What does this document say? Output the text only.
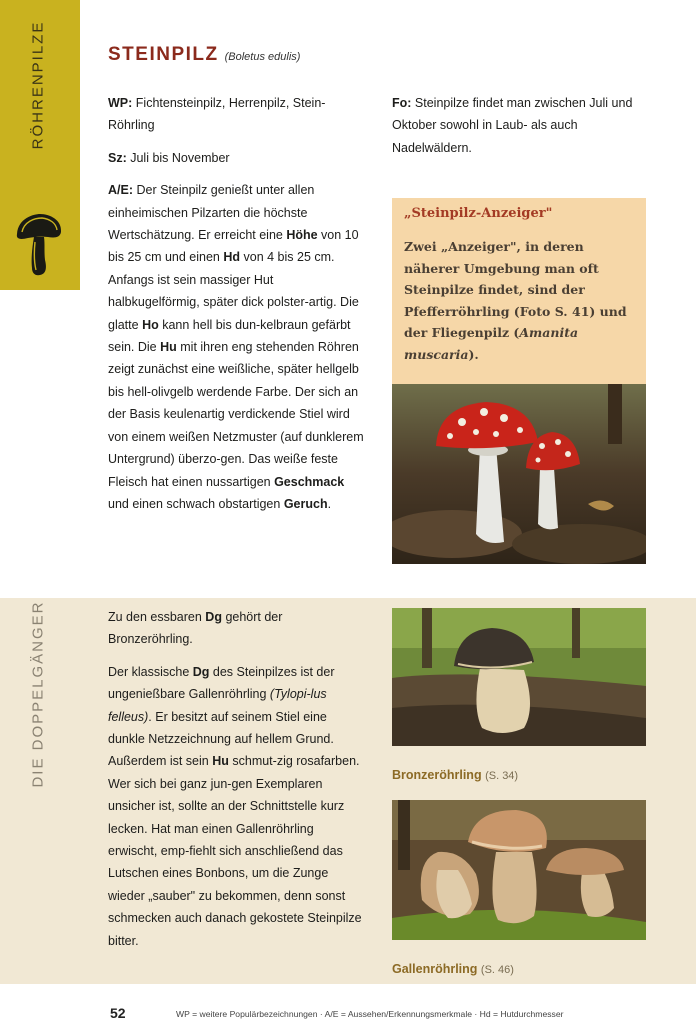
RÖHRENPILZE
DIE DOPPELGÄNGER
STEINPILZ (Boletus edulis)

WP: Fichtensteinpilz, Herrenpilz, Stein-Röhrling

Sz: Juli bis November

A/E: Der Steinpilz genießt unter allen einheimischen Pilzarten die höchste Wertschätzung. Er erreicht eine Höhe von 10 bis 25 cm und einen Hd von 4 bis 25 cm. Anfangs ist sein massiger Hut halbkugelförmig, später dick polster-artig. Die glatte Ho kann hell bis dun-kelbraun gefärbt sein. Die Hu mit ihren eng stehenden Röhren zeigt zunächst eine weißliche, später hellgelb bis hell-olivgelb werdende Farbe. Der sich an der Basis keulenartig verdickende Stiel wird von einem weißen Netzmuster (auf dunklerem Untergrund) überzo-gen. Das weiße feste Fleisch hat einen nussartigen Geschmack und einen schwach obstartigen Geruch.

Fo: Steinpilze findet man zwischen Juli und Oktober sowohl in Laub- als auch Nadelwäldern.

„Steinpilz-Anzeiger"
Zwei „Anzeiger", in deren näherer Umgebung man oft Steinpilze findet, sind der Pfefferröhrling (Foto S. 41) und der Fliegenpilz (Amanita muscaria).

Zu den essbaren Dg gehört der Bronzeröhrling.

Der klassische Dg des Steinpilzes ist der ungenießbare Gallenröhrling (Tylopi-lus felleus). Er besitzt auf seinem Stiel eine dunkle Netzzeichnung auf hellem Grund. Außerdem ist sein Hu schmut-zig rosafarben. Wer sich bei ganz jun-gen Exemplaren unsicher ist, sollte an der Schnittstelle kurz lecken. Hat man einen Gallenröhrling erwischt, emp-fiehlt sich anschließend das Lutschen eines Bonbons, um die Zunge wieder „sauber" zu bekommen, denn sonst schmecken auch danach gekostete Steinpilze bitter.

Bronzeröhrling (S. 34)
Gallenröhrling (S. 46)
52	WP = weitere Populärbezeichnungen · A/E = Aussehen/Erkennungsmerkmale · Hd = Hutdurchmesser
